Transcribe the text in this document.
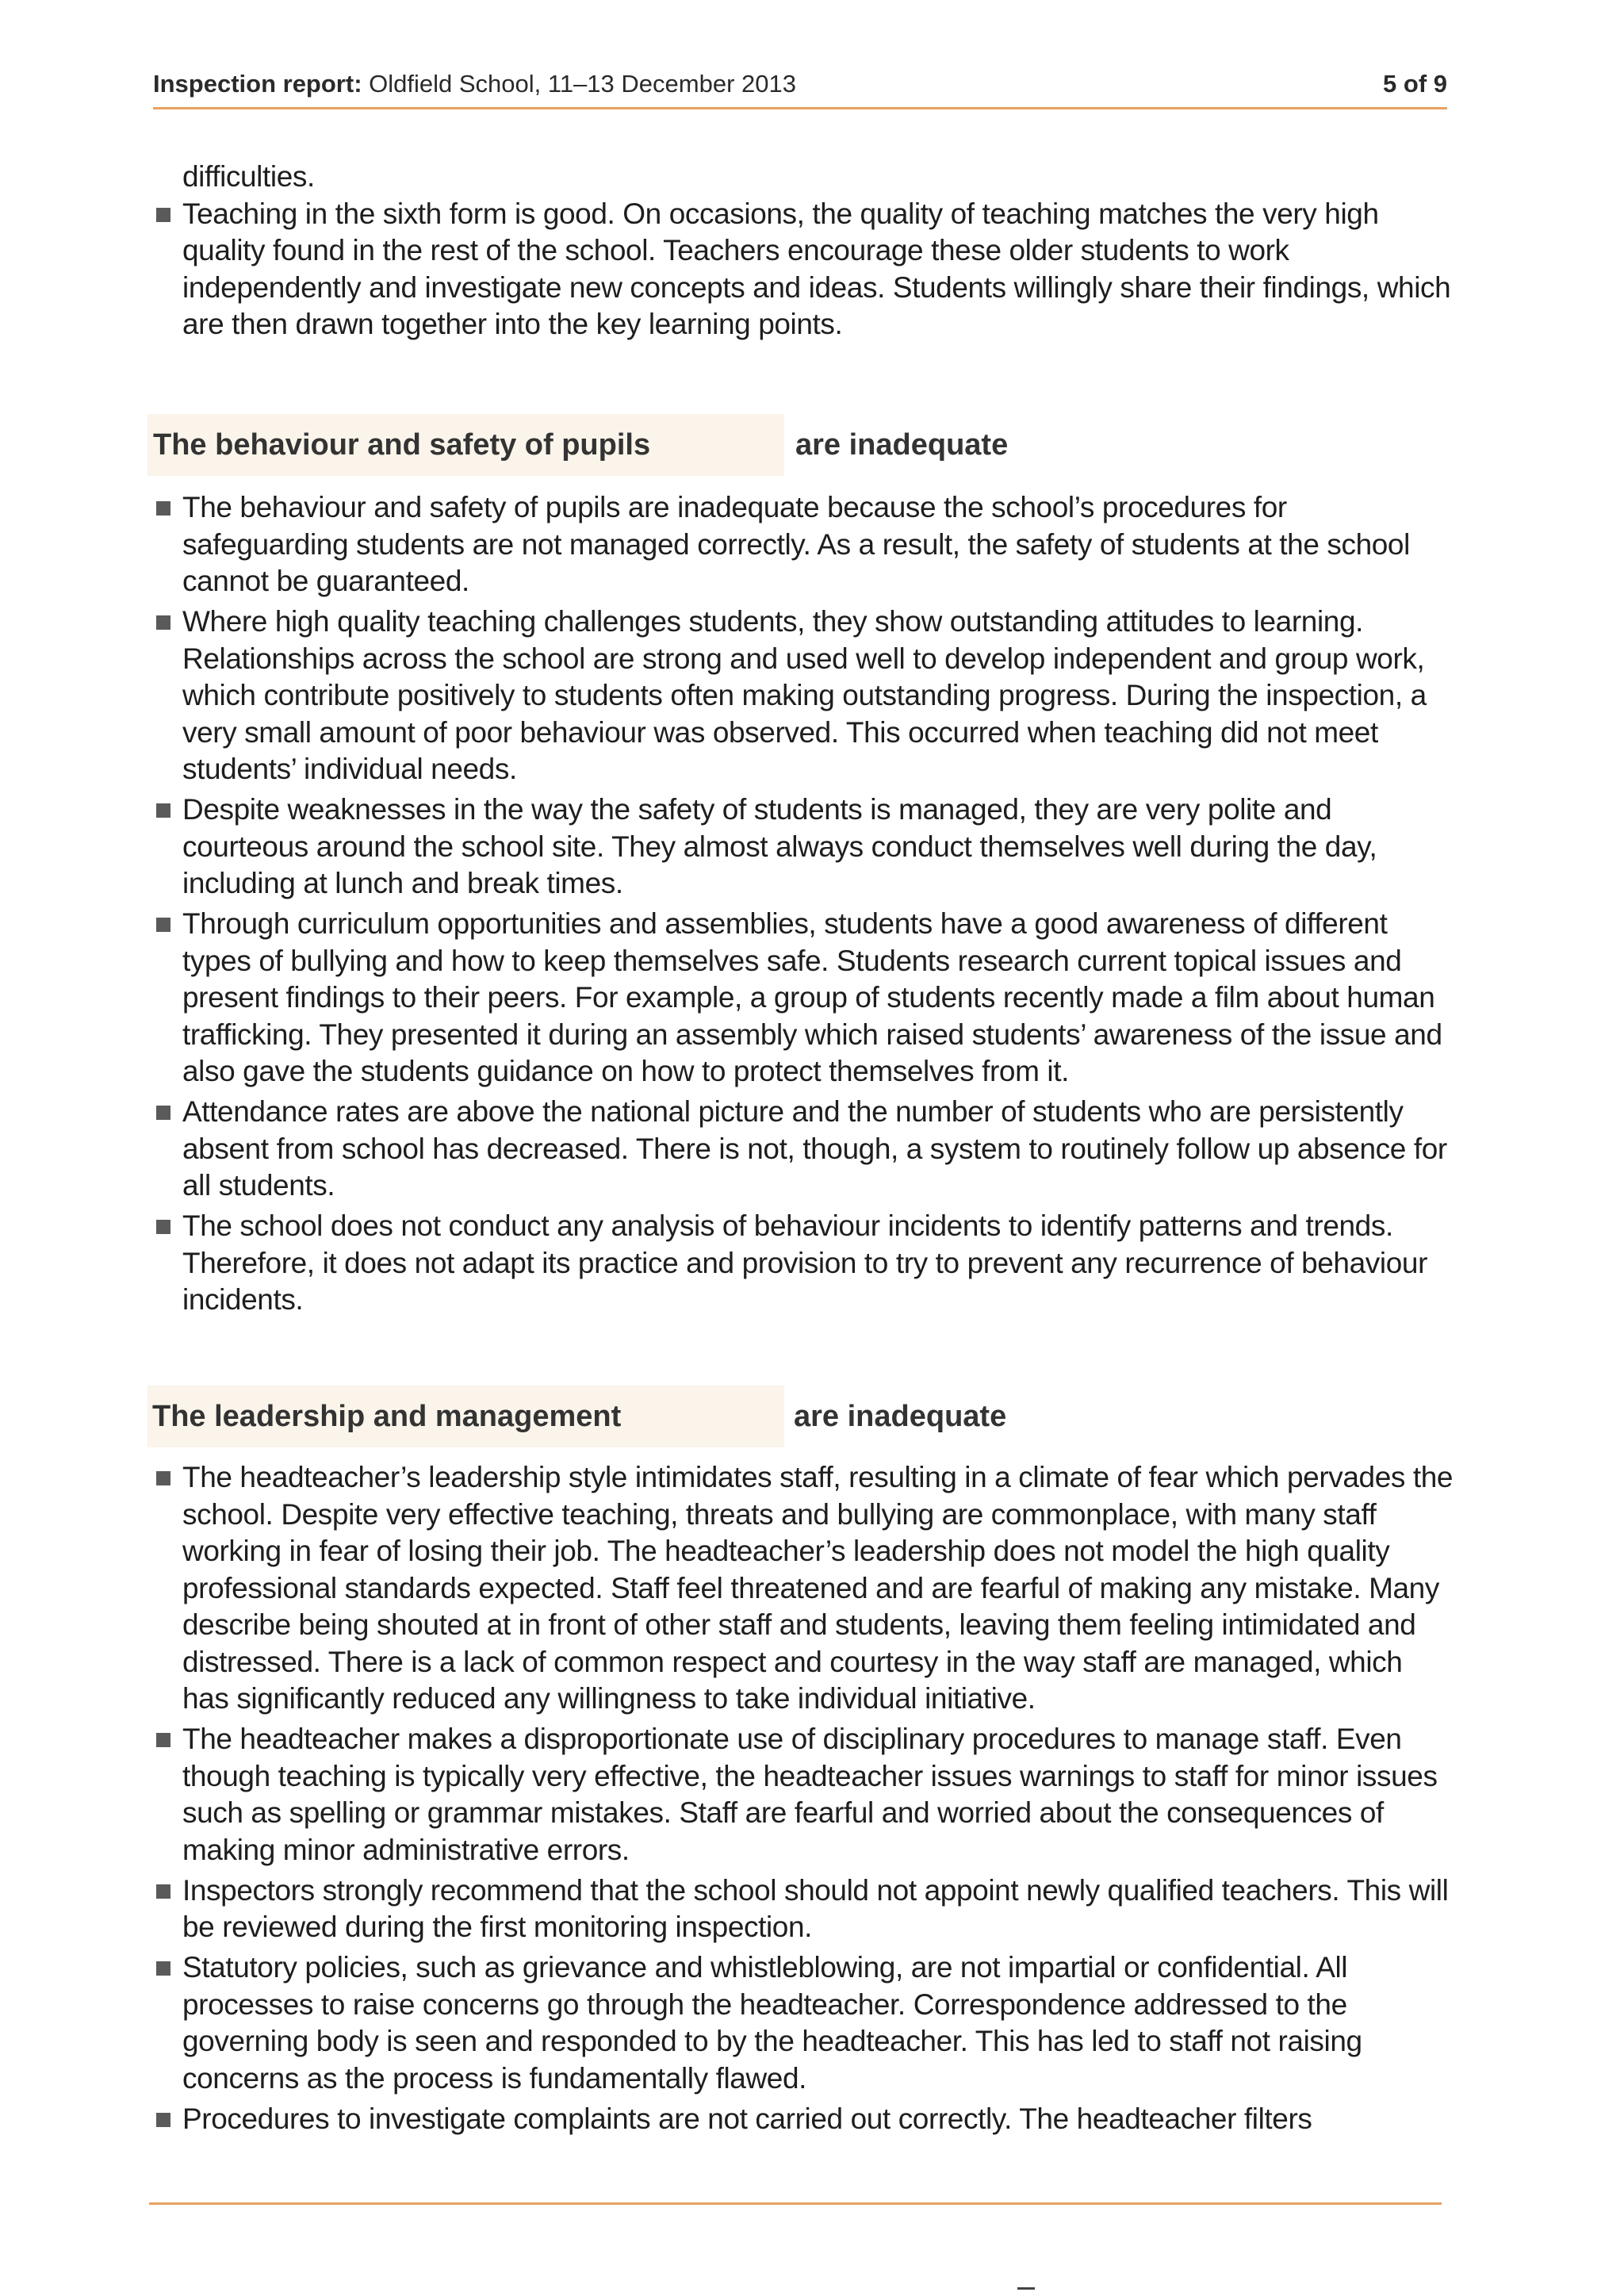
Inspection report: Oldfield School, 11–13 December 2013	5 of 9
difficulties.
Teaching in the sixth form is good. On occasions, the quality of teaching matches the very high quality found in the rest of the school. Teachers encourage these older students to work independently and investigate new concepts and ideas. Students willingly share their findings, which are then drawn together into the key learning points.
The behaviour and safety of pupils	are inadequate
The behaviour and safety of pupils are inadequate because the school’s procedures for safeguarding students are not managed correctly. As a result, the safety of students at the school cannot be guaranteed.
Where high quality teaching challenges students, they show outstanding attitudes to learning. Relationships across the school are strong and used well to develop independent and group work, which contribute positively to students often making outstanding progress. During the inspection, a very small amount of poor behaviour was observed. This occurred when teaching did not meet students’ individual needs.
Despite weaknesses in the way the safety of students is managed, they are very polite and courteous around the school site. They almost always conduct themselves well during the day, including at lunch and break times.
Through curriculum opportunities and assemblies, students have a good awareness of different types of bullying and how to keep themselves safe. Students research current topical issues and present findings to their peers. For example, a group of students recently made a film about human trafficking. They presented it during an assembly which raised students’ awareness of the issue and also gave the students guidance on how to protect themselves from it.
Attendance rates are above the national picture and the number of students who are persistently absent from school has decreased. There is not, though, a system to routinely follow up absence for all students.
The school does not conduct any analysis of behaviour incidents to identify patterns and trends. Therefore, it does not adapt its practice and provision to try to prevent any recurrence of behaviour incidents.
The leadership and management	are inadequate
The headteacher’s leadership style intimidates staff, resulting in a climate of fear which pervades the school. Despite very effective teaching, threats and bullying are commonplace, with many staff working in fear of losing their job. The headteacher’s leadership does not model the high quality professional standards expected. Staff feel threatened and are fearful of making any mistake. Many describe being shouted at in front of other staff and students, leaving them feeling intimidated and distressed. There is a lack of common respect and courtesy in the way staff are managed, which has significantly reduced any willingness to take individual initiative.
The headteacher makes a disproportionate use of disciplinary procedures to manage staff. Even though teaching is typically very effective, the headteacher issues warnings to staff for minor issues such as spelling or grammar mistakes. Staff are fearful and worried about the consequences of making minor administrative errors.
Inspectors strongly recommend that the school should not appoint newly qualified teachers. This will be reviewed during the first monitoring inspection.
Statutory policies, such as grievance and whistleblowing, are not impartial or confidential. All processes to raise concerns go through the headteacher. Correspondence addressed to the governing body is seen and responded to by the headteacher. This has led to staff not raising concerns as the process is fundamentally flawed.
Procedures to investigate complaints are not carried out correctly. The headteacher filters
